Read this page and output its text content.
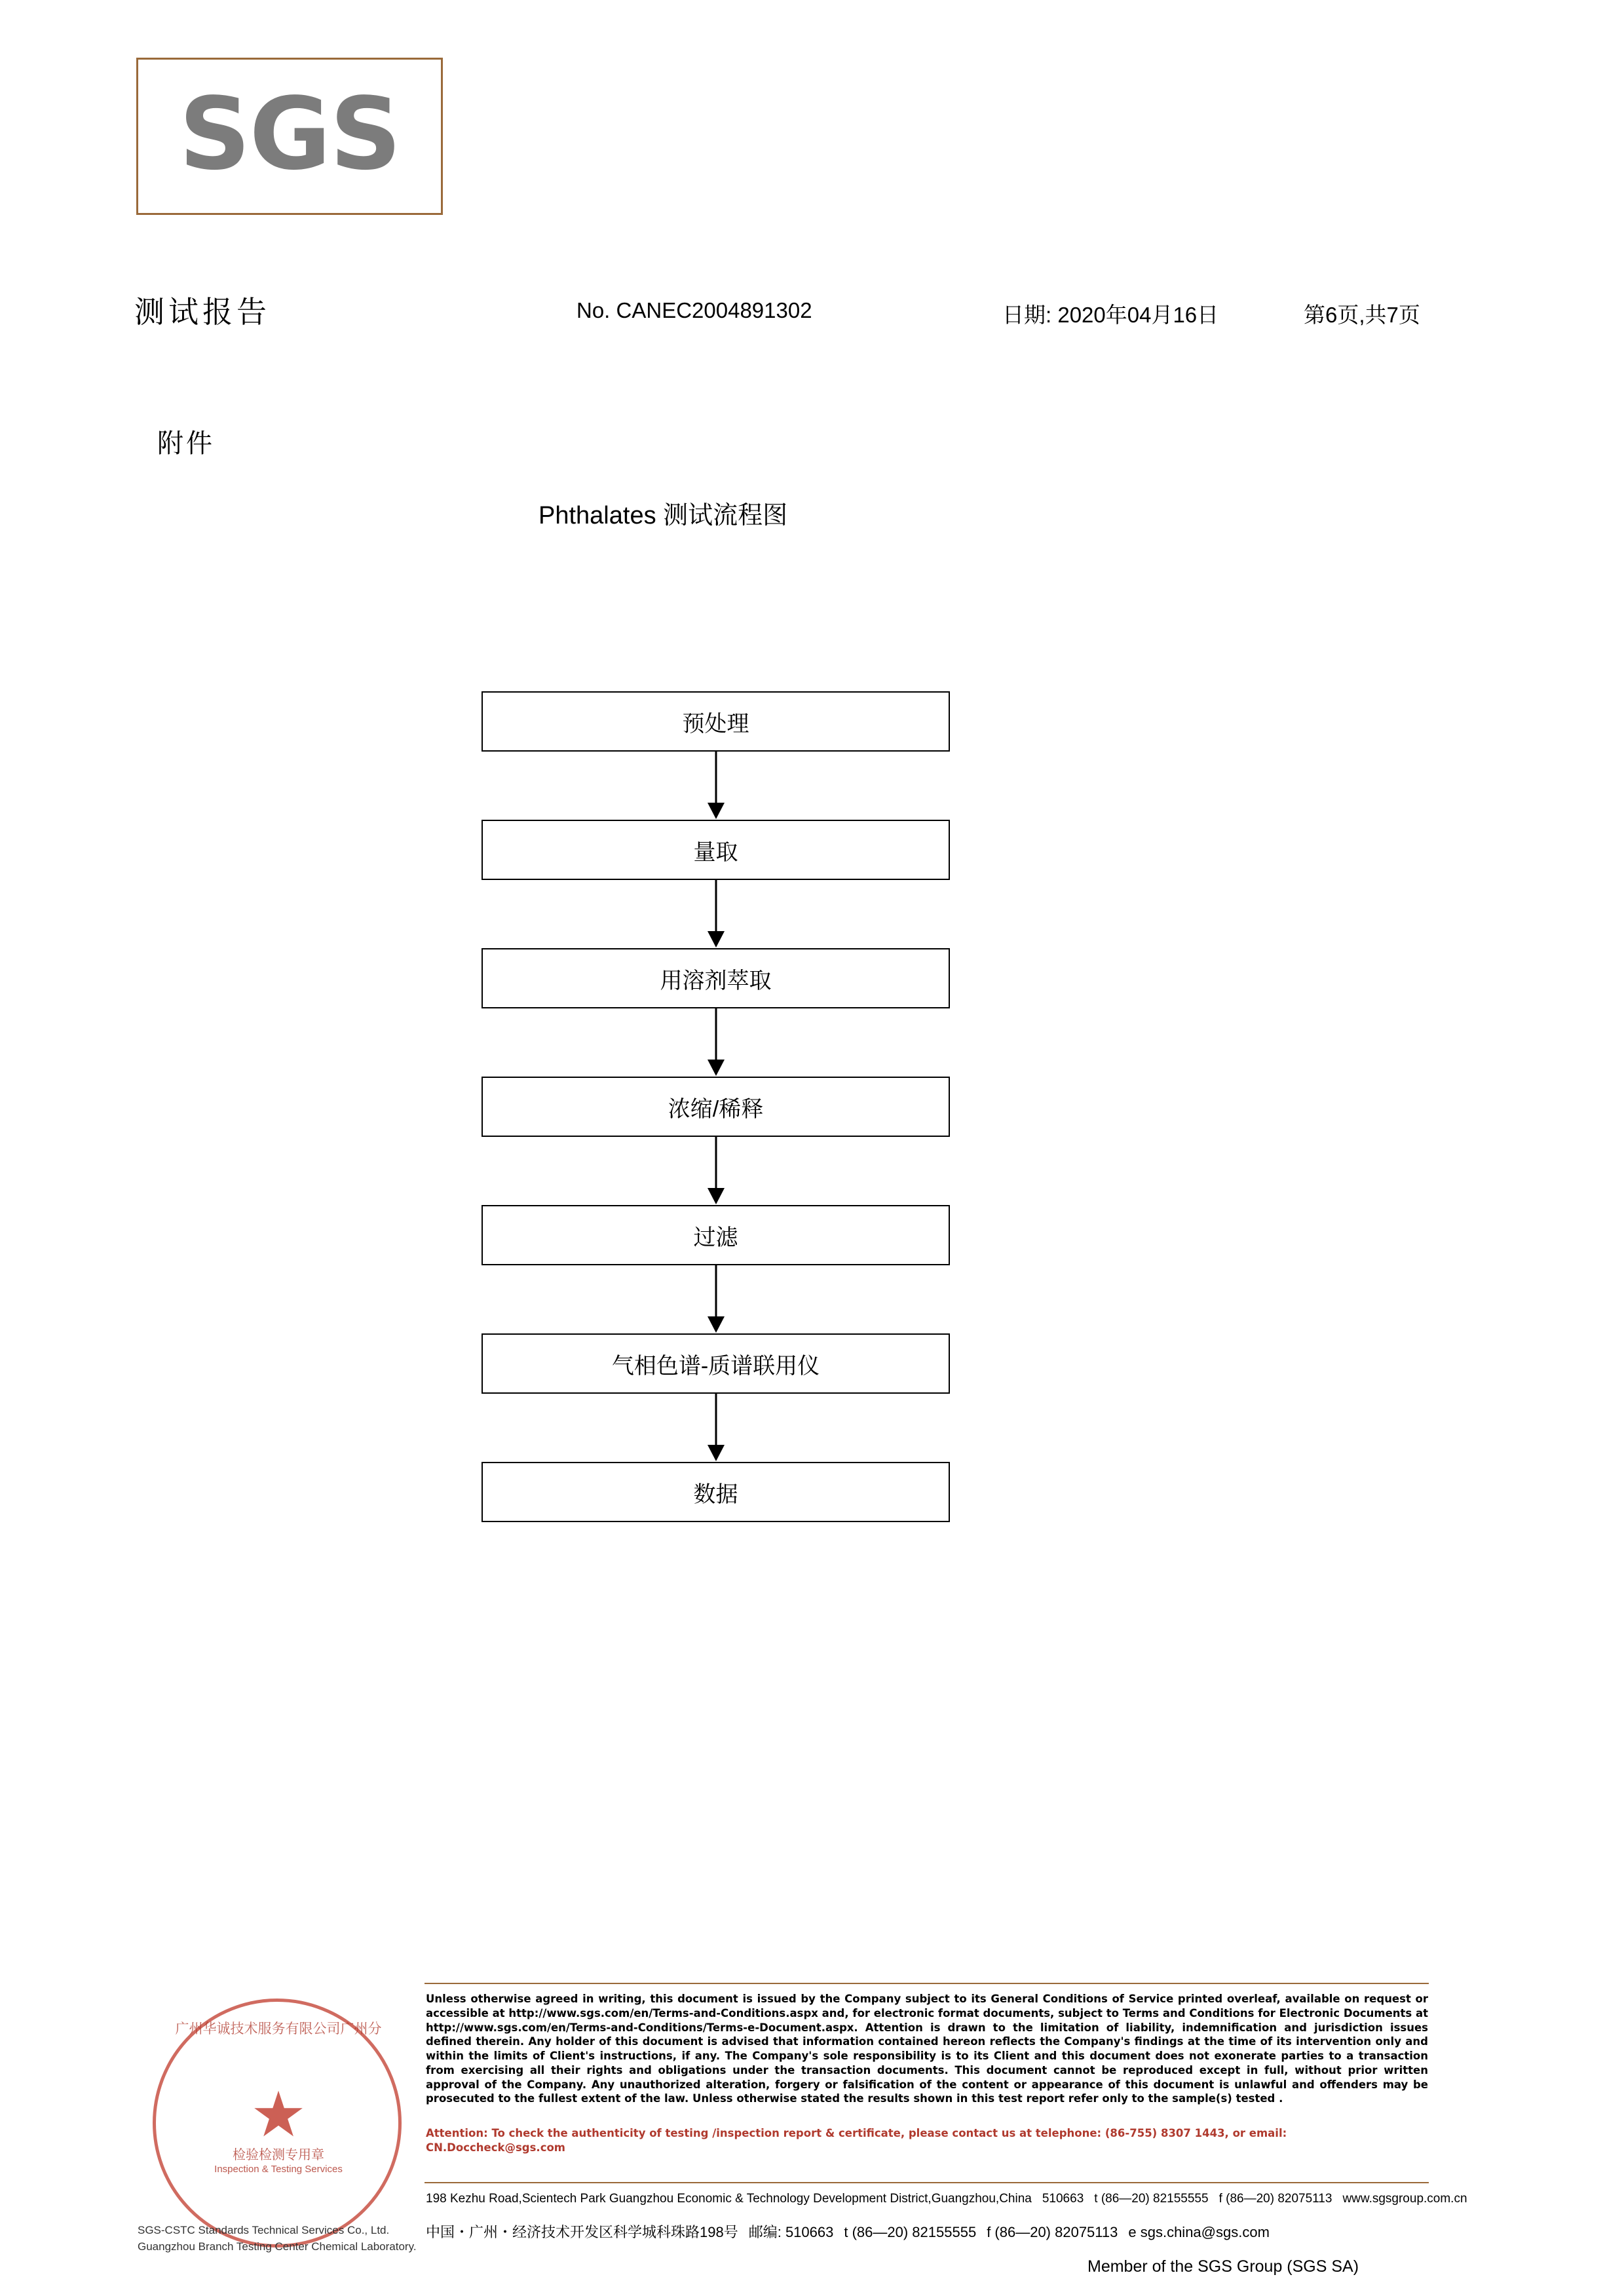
SGS
测试报告	No. CANEC2004891302	日期: 2020年04月16日	第6页,共7页
附件
Phthalates 测试流程图
预处理
量取
用溶剂萃取
浓缩/稀释
过滤
气相色谱-质谱联用仪
数据
广州华诚技术服务有限公司广州分
★
检验检测专用章
Inspection & Testing Services
SGS-CSTC Standards Technical Services Co., Ltd. Guangzhou Branch Testing Center Chemical Laboratory.
Unless otherwise agreed in writing, this document is issued by the Company subject to its General Conditions of Service printed overleaf, available on request or accessible at http://www.sgs.com/en/Terms-and-Conditions.aspx and, for electronic format documents, subject to Terms and Conditions for Electronic Documents at http://www.sgs.com/en/Terms-and-Conditions/Terms-e-Document.aspx. Attention is drawn to the limitation of liability, indemnification and jurisdiction issues defined therein. Any holder of this document is advised that information contained hereon reflects the Company's findings at the time of its intervention only and within the limits of Client's instructions, if any. The Company's sole responsibility is to its Client and this document does not exonerate parties to a transaction from exercising all their rights and obligations under the transaction documents. This document cannot be reproduced except in full, without prior written approval of the Company. Any unauthorized alteration, forgery or falsification of the content or appearance of this document is unlawful and offenders may be prosecuted to the fullest extent of the law. Unless otherwise stated the results shown in this test report refer only to the sample(s) tested .
Attention: To check the authenticity of testing /inspection report & certificate, please contact us at telephone: (86-755) 8307 1443, or email: CN.Doccheck@sgs.com
198 Kezhu Road,Scientech Park Guangzhou Economic & Technology Development District,Guangzhou,China 510663 t (86—20) 82155555 f (86—20) 82075113 www.sgsgroup.com.cn
中国・广州・经济技术开发区科学城科珠路198号 邮编: 510663 t (86—20) 82155555 f (86—20) 82075113 e sgs.china@sgs.com
Member of the SGS Group (SGS SA)
